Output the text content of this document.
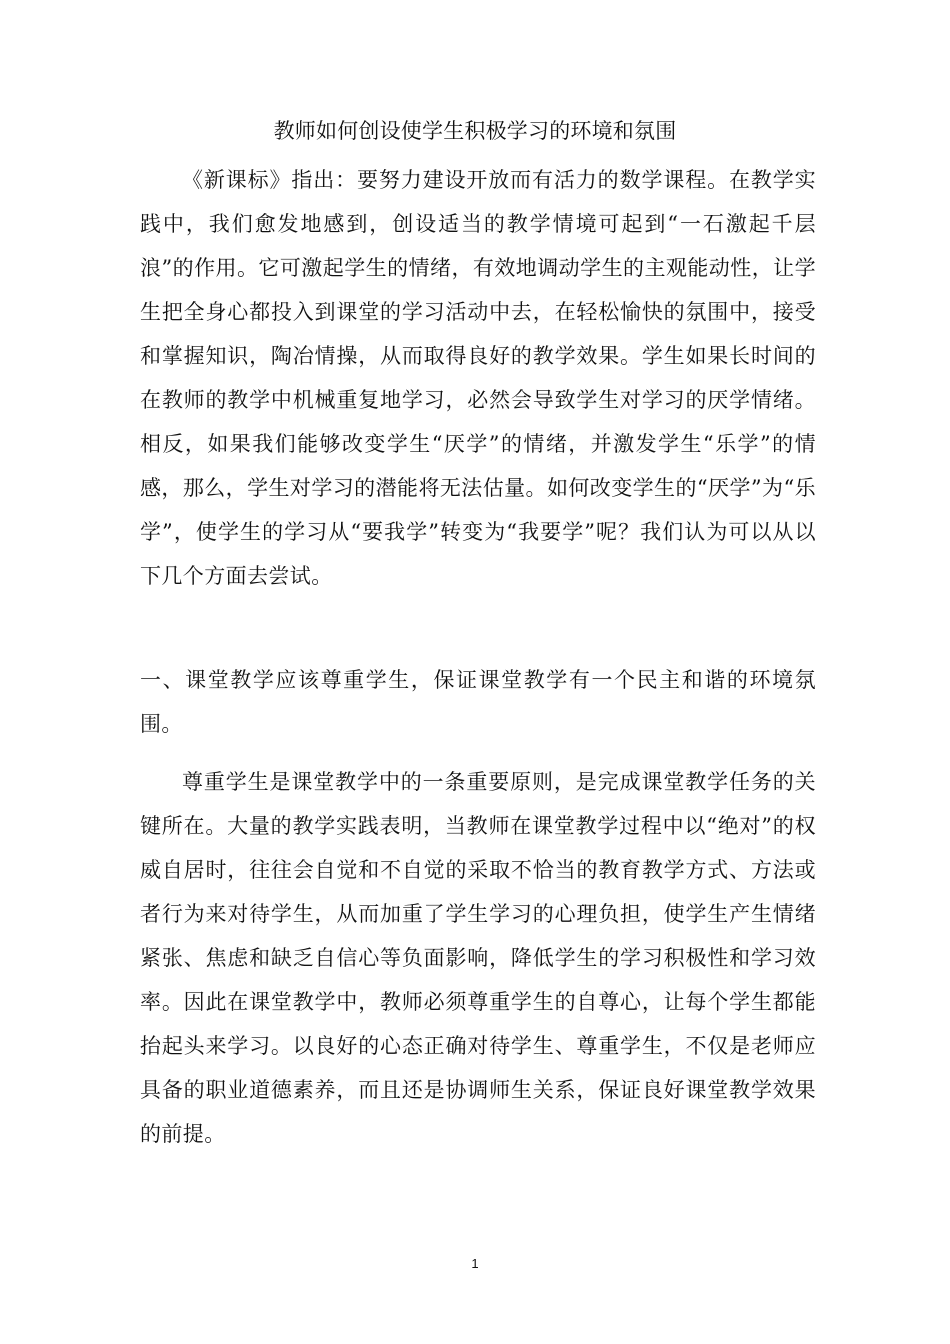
教师如何创设使学生积极学习的环境和氛围

《新课标》指出：要努力建设开放而有活力的数学课程。在教学实践中，我们愈发地感到，创设适当的教学情境可起到“一石激起千层浪”的作用。它可激起学生的情绪，有效地调动学生的主观能动性，让学生把全身心都投入到课堂的学习活动中去，在轻松愉快的氛围中，接受和掌握知识，陶冶情操，从而取得良好的教学效果。学生如果长时间的在教师的教学中机械重复地学习，必然会导致学生对学习的厌学情绪。相反，如果我们能够改变学生“厌学”的情绪，并激发学生“乐学”的情感，那么，学生对学习的潜能将无法估量。如何改变学生的“厌学”为“乐学”，使学生的学习从“要我学”转变为“我要学”呢？我们认为可以从以下几个方面去尝试。

一、课堂教学应该尊重学生，保证课堂教学有一个民主和谐的环境氛围。

尊重学生是课堂教学中的一条重要原则，是完成课堂教学任务的关键所在。大量的教学实践表明，当教师在课堂教学过程中以“绝对”的权威自居时，往往会自觉和不自觉的采取不恰当的教育教学方式、方法或者行为来对待学生，从而加重了学生学习的心理负担，使学生产生情绪紧张、焦虑和缺乏自信心等负面影响，降低学生的学习积极性和学习效率。因此在课堂教学中，教师必须尊重学生的自尊心，让每个学生都能抬起头来学习。以良好的心态正确对待学生、尊重学生，不仅是老师应具备的职业道德素养，而且还是协调师生关系，保证良好课堂教学效果的前提。

1
